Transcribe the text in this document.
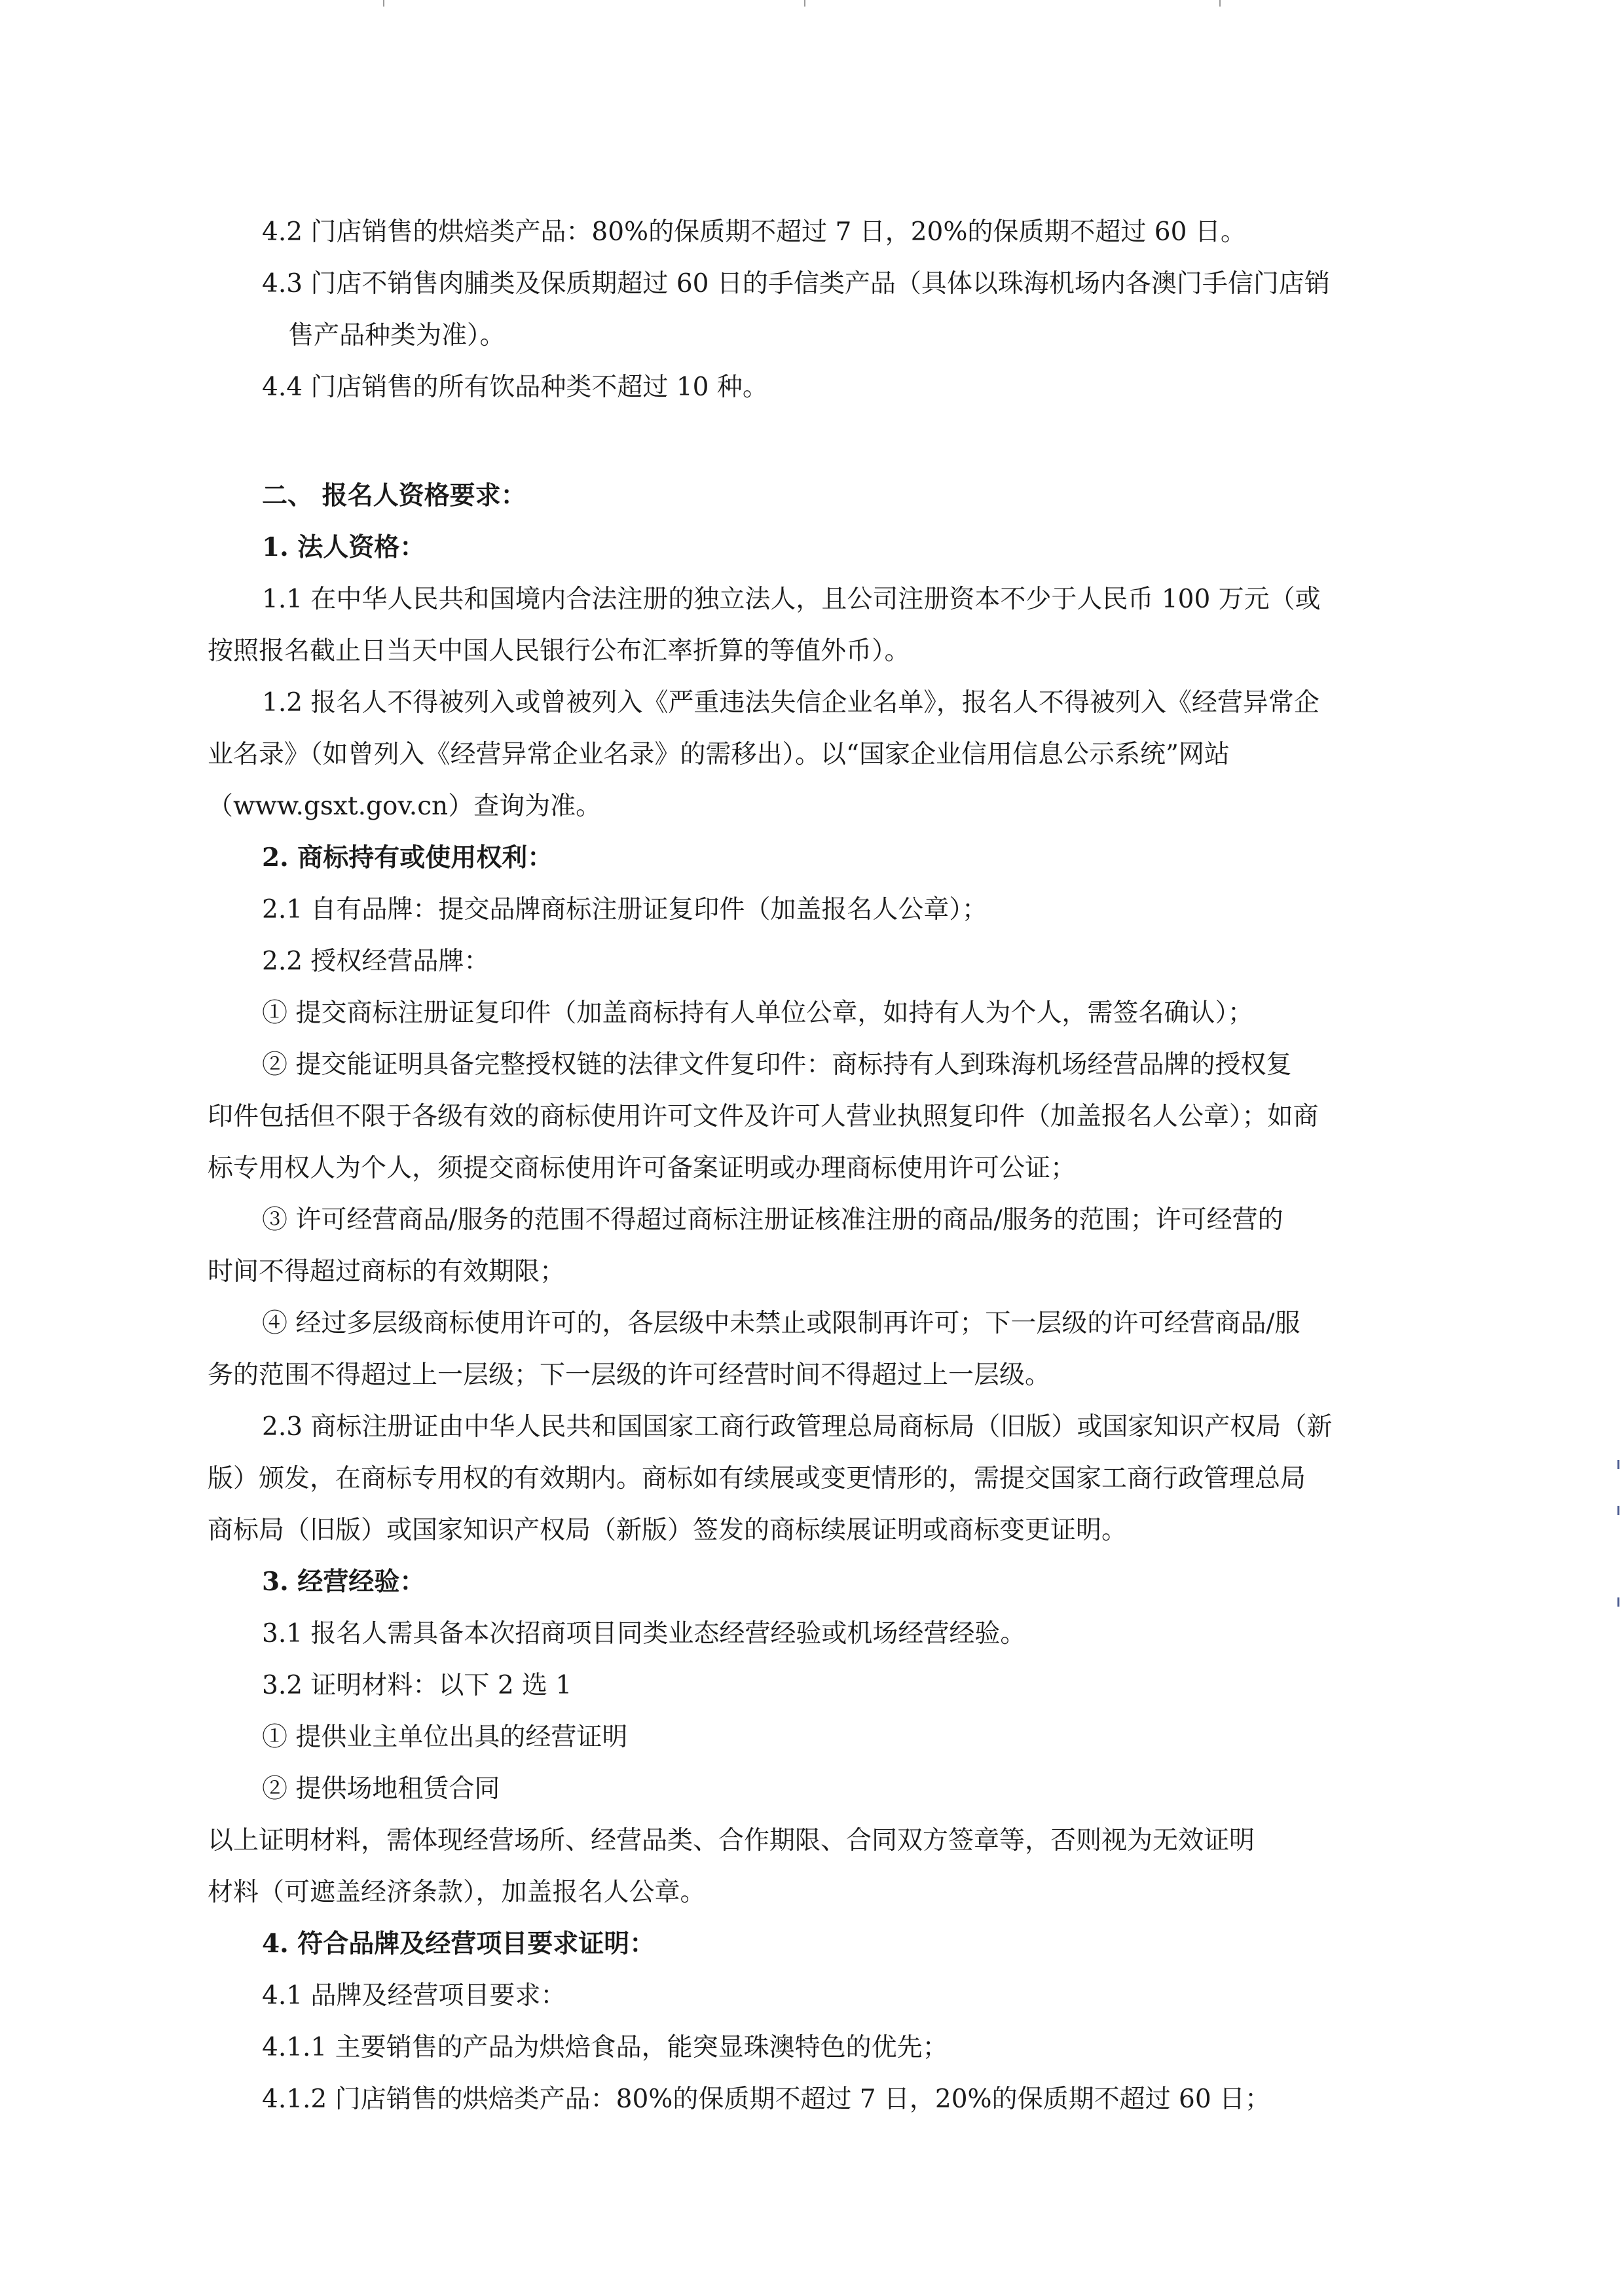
4.2 门店销售的烘焙类产品：80%的保质期不超过 7 日，20%的保质期不超过 60 日。
4.3 门店不销售肉脯类及保质期超过 60 日的手信类产品（具体以珠海机场内各澳门手信门店销
售产品种类为准）。
4.4 门店销售的所有饮品种类不超过 10 种。
二、 报名人资格要求：
1. 法人资格：
1.1 在中华人民共和国境内合法注册的独立法人，且公司注册资本不少于人民币 100 万元（或
按照报名截止日当天中国人民银行公布汇率折算的等值外币）。
1.2 报名人不得被列入或曾被列入《严重违法失信企业名单》，报名人不得被列入《经营异常企
业名录》（如曾列入《经营异常企业名录》的需移出）。以“国家企业信用信息公示系统”网站
（www.gsxt.gov.cn）查询为准。
2. 商标持有或使用权利：
2.1 自有品牌：提交品牌商标注册证复印件（加盖报名人公章）；
2.2 授权经营品牌：
① 提交商标注册证复印件（加盖商标持有人单位公章，如持有人为个人，需签名确认）；
② 提交能证明具备完整授权链的法律文件复印件：商标持有人到珠海机场经营品牌的授权复
印件包括但不限于各级有效的商标使用许可文件及许可人营业执照复印件（加盖报名人公章）；如商
标专用权人为个人，须提交商标使用许可备案证明或办理商标使用许可公证；
③ 许可经营商品/服务的范围不得超过商标注册证核准注册的商品/服务的范围；许可经营的
时间不得超过商标的有效期限；
④ 经过多层级商标使用许可的，各层级中未禁止或限制再许可；下一层级的许可经营商品/服
务的范围不得超过上一层级；下一层级的许可经营时间不得超过上一层级。
2.3 商标注册证由中华人民共和国国家工商行政管理总局商标局（旧版）或国家知识产权局（新
版）颁发，在商标专用权的有效期内。商标如有续展或变更情形的，需提交国家工商行政管理总局
商标局（旧版）或国家知识产权局（新版）签发的商标续展证明或商标变更证明。
3. 经营经验：
3.1 报名人需具备本次招商项目同类业态经营经验或机场经营经验。
3.2 证明材料：以下 2 选 1
① 提供业主单位出具的经营证明
② 提供场地租赁合同
以上证明材料，需体现经营场所、经营品类、合作期限、合同双方签章等，否则视为无效证明
材料（可遮盖经济条款），加盖报名人公章。
4. 符合品牌及经营项目要求证明：
4.1 品牌及经营项目要求：
4.1.1 主要销售的产品为烘焙食品，能突显珠澳特色的优先；
4.1.2 门店销售的烘焙类产品：80%的保质期不超过 7 日，20%的保质期不超过 60 日；
